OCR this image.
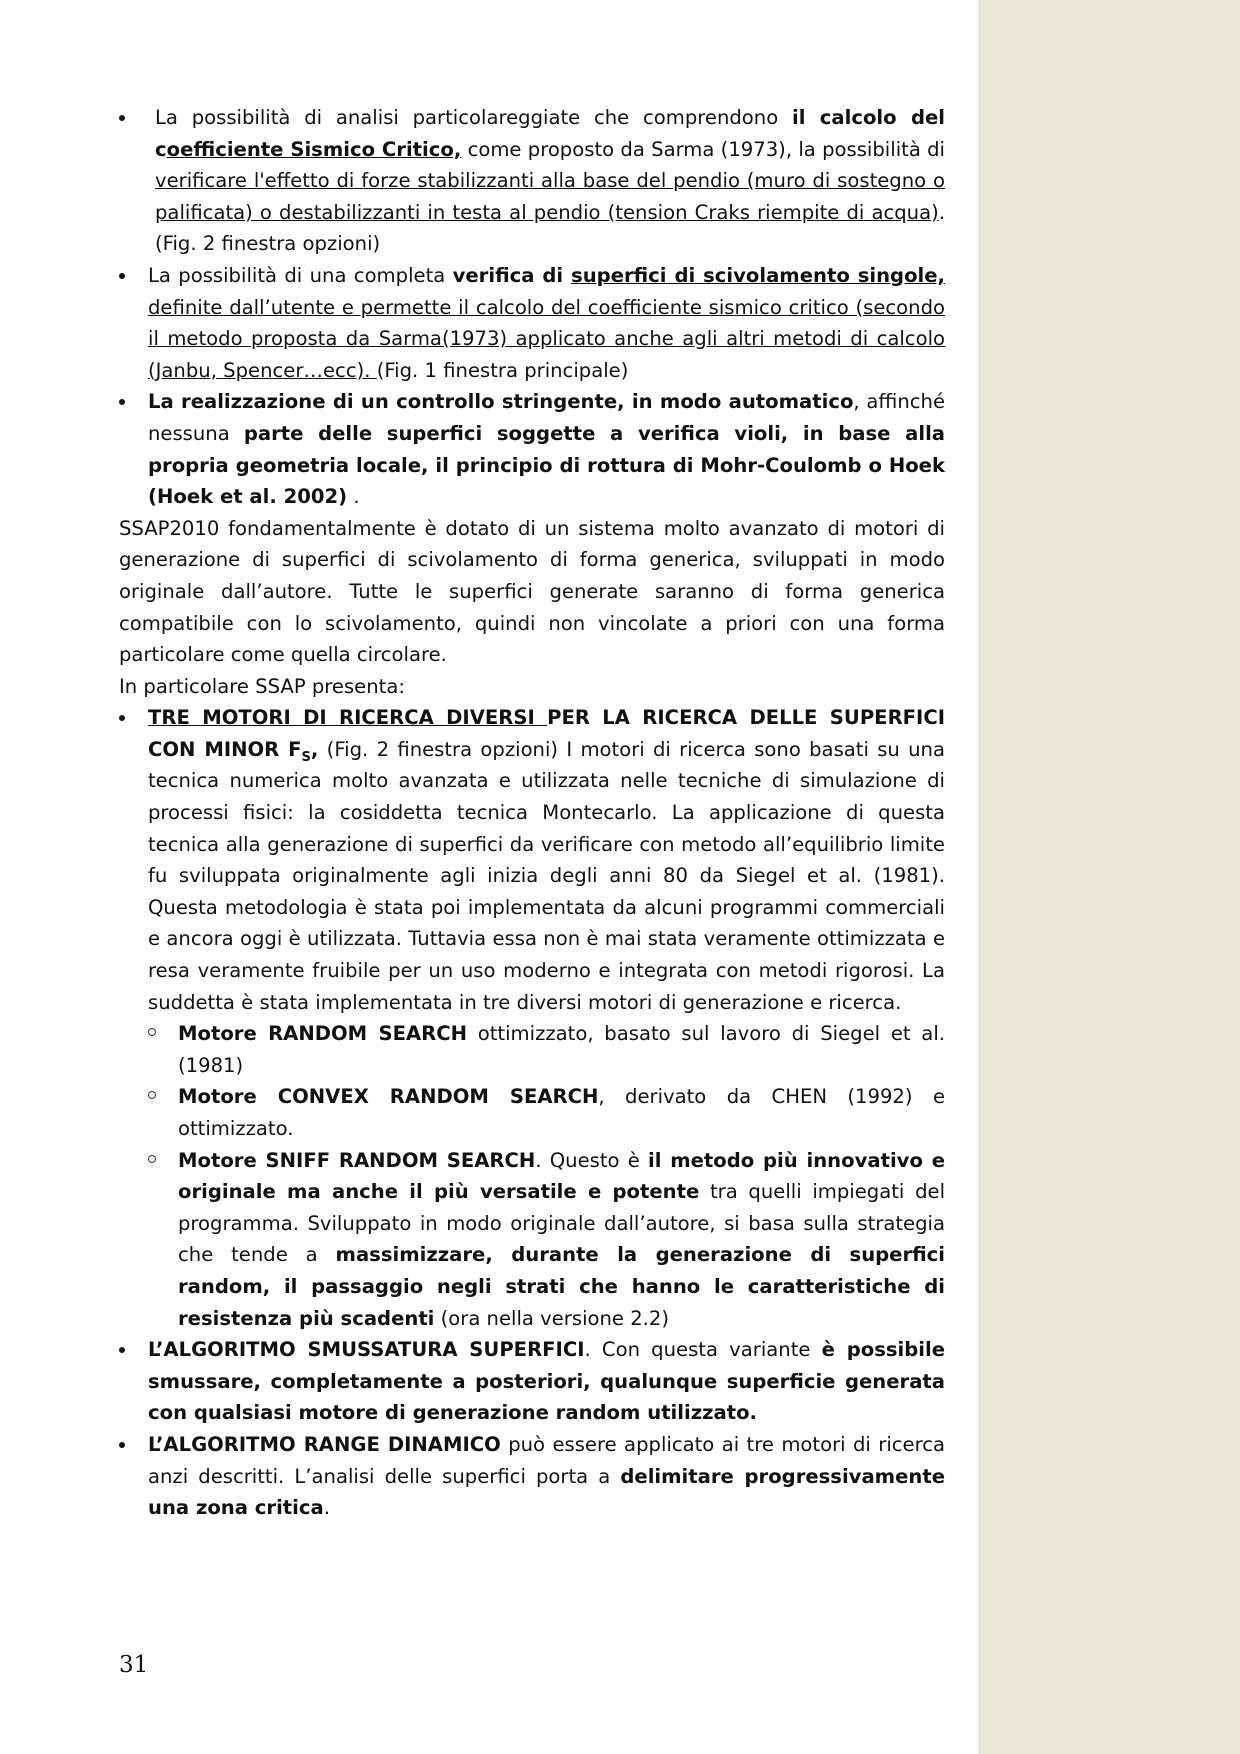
La possibilità di analisi particolareggiate che comprendono il calcolo del coefficiente Sismico Critico, come proposto da Sarma (1973), la possibilità di verificare l'effetto di forze stabilizzanti alla base del pendio (muro di sostegno o palificata) o destabilizzanti in testa al pendio (tension Craks riempite di acqua).(Fig. 2 finestra opzioni)
La possibilità di una completa verifica di superfici di scivolamento singole, definite dall’utente e permette il calcolo del coefficiente sismico critico (secondo il metodo proposta da Sarma(1973) applicato anche agli altri metodi di calcolo (Janbu, Spencer…ecc). (Fig. 1 finestra principale)
La realizzazione di un controllo stringente, in modo automatico, affinché nessuna parte delle superfici soggette a verifica violi, in base alla propria geometria locale, il principio di rottura di Mohr-Coulomb o Hoek (Hoek et al. 2002) .

SSAP2010 fondamentalmente è dotato di un sistema molto avanzato di motori di generazione di superfici di scivolamento di forma generica, sviluppati in modo originale dall’autore. Tutte le superfici generate saranno di forma generica compatibile con lo scivolamento, quindi non vincolate a priori con una forma particolare come quella circolare.

In particolare SSAP presenta:

TRE MOTORI DI RICERCA DIVERSI PER LA RICERCA DELLE SUPERFICI CON MINOR $F_S$, (Fig. 2 finestra opzioni) I motori di ricerca sono basati su una tecnica numerica molto avanzata e utilizzata nelle tecniche di simulazione di processi fisici: la cosiddetta tecnica Montecarlo. La applicazione di questa tecnica alla generazione di superfici da verificare con metodo all’equilibrio limite fu sviluppata originalmente agli inizia degli anni 80 da Siegel et al. (1981). Questa metodologia è stata poi implementata da alcuni programmi commerciali e ancora oggi è utilizzata. Tuttavia essa non è mai stata veramente ottimizzata e resa veramente fruibile per un uso moderno e integrata con metodi rigorosi. La suddetta è stata implementata in tre diversi motori di generazione e ricerca.
Motore RANDOM SEARCH ottimizzato, basato sul lavoro di Siegel et al. (1981)
Motore CONVEX RANDOM SEARCH, derivato da CHEN (1992) e ottimizzato.
Motore SNIFF RANDOM SEARCH. Questo è il metodo più innovativo e originale ma anche il più versatile e potente tra quelli impiegati del programma. Sviluppato in modo originale dall’autore, si basa sulla strategia che tende a massimizzare, durante la generazione di superfici random, il passaggio negli strati che hanno le caratteristiche di resistenza più scadenti (ora nella versione 2.2)
L’ALGORITMO SMUSSATURA SUPERFICI. Con questa variante è possibile smussare, completamente a posteriori, qualunque superficie generata con qualsiasi motore di generazione random utilizzato.
L’ALGORITMO RANGE DINAMICO può essere applicato ai tre motori di ricerca anzi descritti. L’analisi delle superfici porta a delimitare progressivamente una zona critica.
31
